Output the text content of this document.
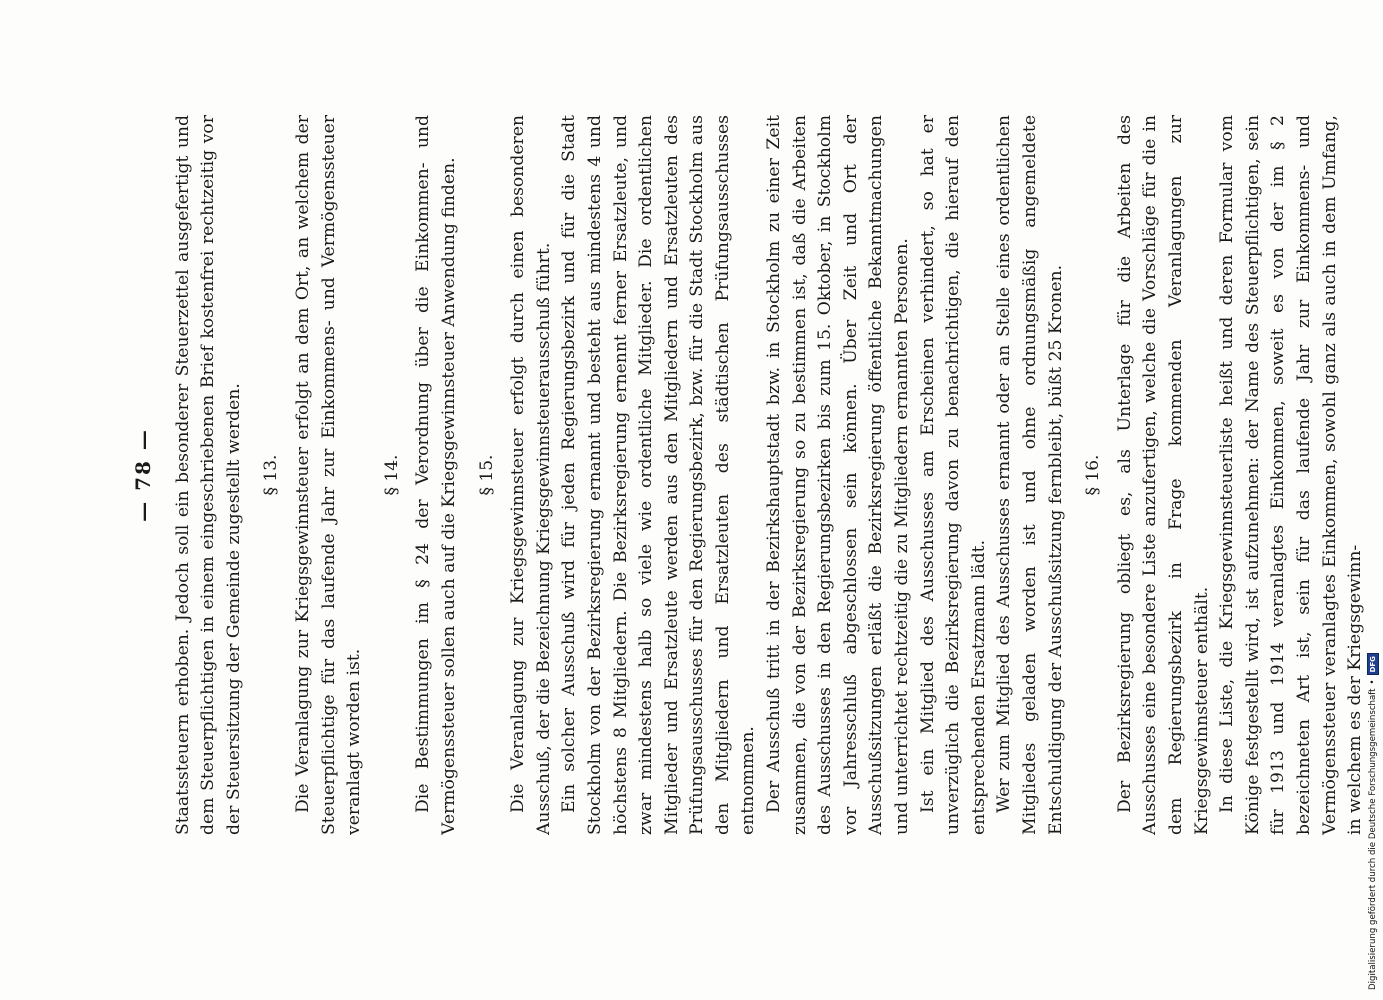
— 78 — Staatssteuern erhoben. Jedoch soll ein besonderer Steuerzettel ausgefertigt und dem Steuerpflichtigen in einem eingeschriebenen Brief kostenfrei rechtzeitig vor der Steuersitzung der Gemeinde zugestellt werden. § 13. Die Veranlagung zur Kriegsgewinnsteuer erfolgt an dem Ort, an welchem der Steuerpflichtige für das laufende Jahr zur Einkommens- und Vermögenssteuer veranlagt worden ist.

§ 14. Die Bestimmungen im § 24 der Verordnung über die Einkommen- und Vermögenssteuer sollen auch auf die Kriegsgewinnsteuer Anwendung finden. § 15. Die Veranlagung zur Kriegsgewinnsteuer erfolgt durch einen besonderen Ausschuß, der die Bezeichnung Kriegsgewinnsteuerausschuß führt. Ein solcher Ausschuß wird für jeden Regierungsbezirk und für die Stadt Stockholm von der Bezirksregierung ernannt und besteht aus mindestens 4 und höchstens 8 Mitgliedern. Die Bezirksregierung ernennt ferner Ersatzleute, und zwar mindestens halb so viele wie ordentliche Mitglieder. Die ordentlichen Mitglieder und Ersatzleute werden aus den Mitgliedern und Ersatzleuten des Prüfungsausschusses für den Regierungsbezirk, bzw. für die Stadt Stockholm aus den Mitgliedern und Ersatzleuten des städtischen Prüfungsausschusses entnommen. Der Ausschuß tritt in der Bezirkshauptstadt bzw. in Stockholm zu einer Zeit zusammen, die von der Bezirksregierung so zu bestimmen ist, daß die Arbeiten des Ausschusses in den Regierungsbezirken bis zum 15. Oktober, in Stockholm vor Jahresschluß abgeschlossen sein können. Über Zeit und Ort der Ausschußsitzungen erläßt die Bezirksregierung öffentliche Bekanntmachungen und unterrichtet rechtzeitig die zu Mitgliedern ernannten Personen. Ist ein Mitglied des Ausschusses am Erscheinen verhindert, so hat er unverzüglich die Bezirksregierung davon zu benachrichtigen, die hierauf den entsprechenden Ersatzmann lädt. Wer zum Mitglied des Ausschusses ernannt oder an Stelle eines ordentlichen Mitgliedes geladen worden ist und ohne ordnungsmäßig angemeldete Entschuldigung der Ausschußsitzung fernbleibt, büßt 25 Kronen. § 16. Der Bezirksregierung obliegt es, als Unterlage für die Arbeiten des Ausschusses eine besondere Liste anzufertigen, welche die Vorschläge für die in dem Regierungsbezirk in Frage kommenden Veranlagungen zur Kriegsgewinnsteuer enthält. In diese Liste, die Kriegsgewinnsteuerliste heißt und deren Formular vom Könige festgestellt wird, ist aufzunehmen: der Name des Steuerpflichtigen, sein für 1913 und 1914 veranlagtes Einkommen, soweit es von der im § 2 bezeichneten Art ist, sein für das laufende Jahr zur Einkommens- und Vermögenssteuer veranlagtes Einkommen, sowohl ganz als auch in dem Umfang, in welchem es der Kriegsgewinn- Digitalisierung gefördert durch die Deutsche Forschungsgemeinschaft
•
DFG
